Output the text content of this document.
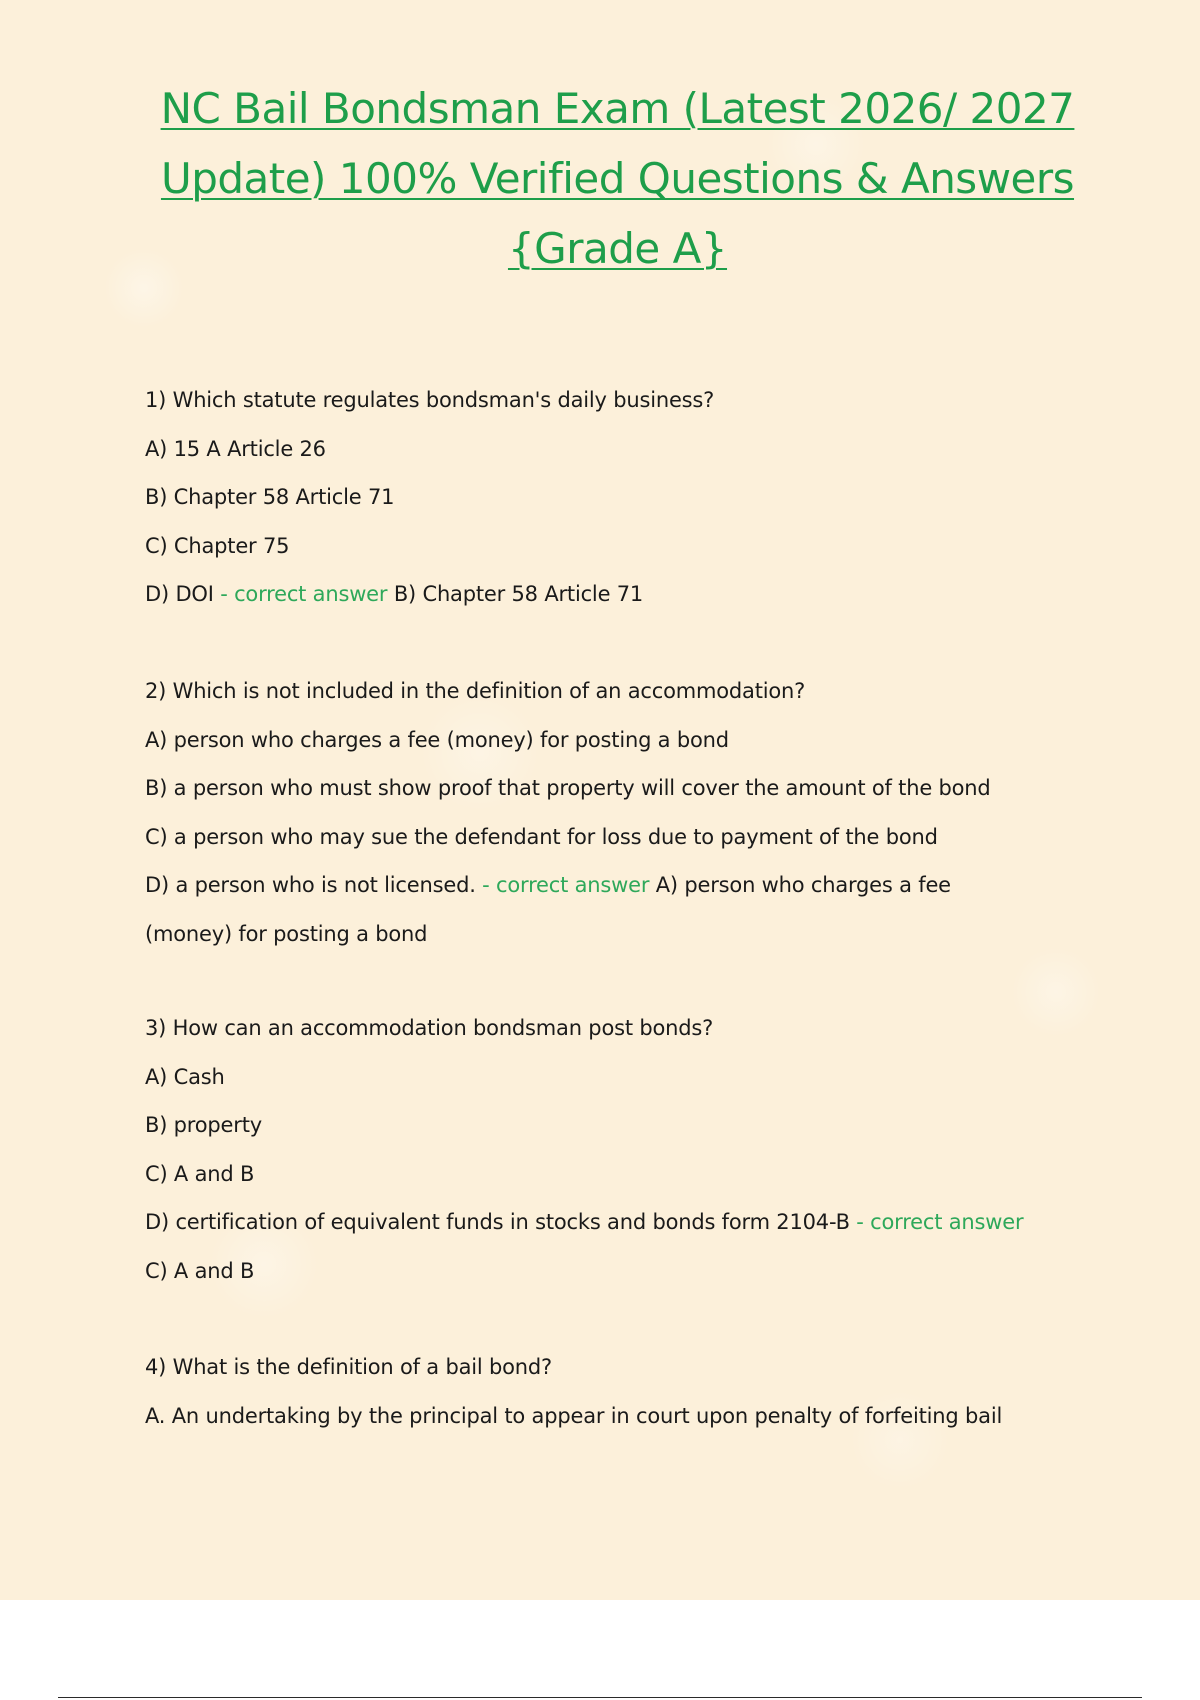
NC Bail Bondsman Exam (Latest 2026/ 2027 Update) 100% Verified Questions & Answers {Grade A}
1) Which statute regulates bondsman's daily business?
A) 15 A Article 26
B) Chapter 58 Article 71
C) Chapter 75
D) DOI - correct answer B) Chapter 58 Article 71
2) Which is not included in the definition of an accommodation?
A) person who charges a fee (money) for posting a bond
B) a person who must show proof that property will cover the amount of the bond
C) a person who may sue the defendant for loss due to payment of the bond
D) a person who is not licensed. - correct answer A) person who charges a fee (money) for posting a bond
3) How can an accommodation bondsman post bonds?
A) Cash
B) property
C) A and B
D) certification of equivalent funds in stocks and bonds form 2104-B - correct answer
C) A and B
4) What is the definition of a bail bond?
A. An undertaking by the principal to appear in court upon penalty of forfeiting bail
